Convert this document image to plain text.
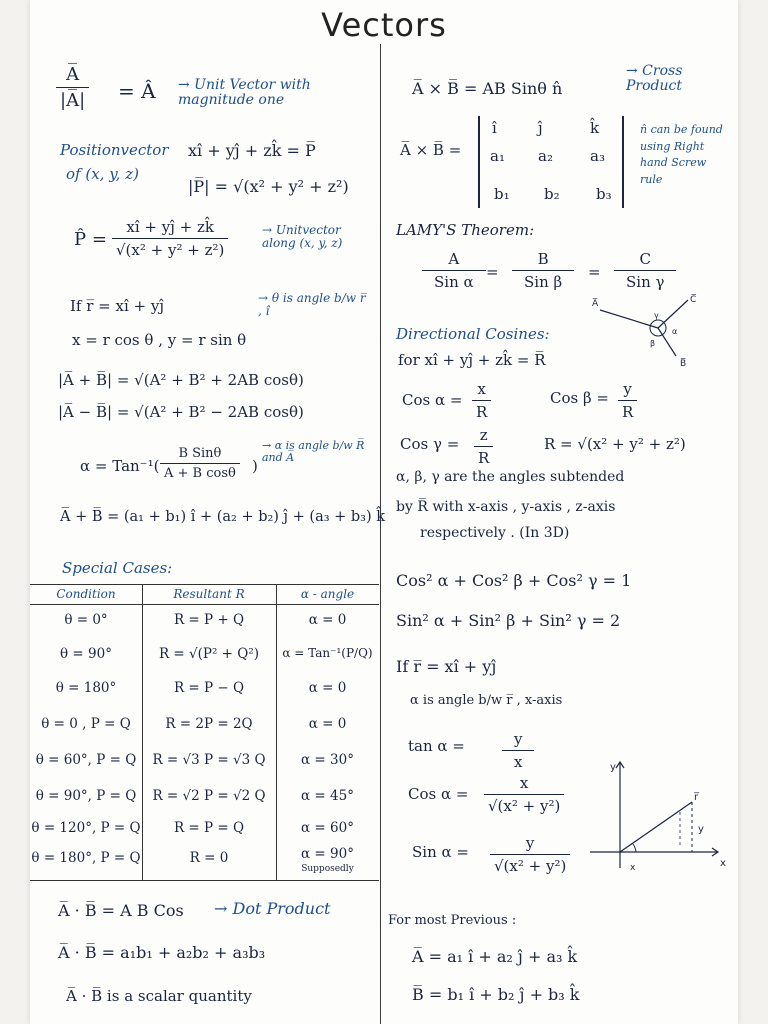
Vectors
$\frac{A̅}{|A̅|}$ = Â → Unit Vector with magnitude one
Positionvector xî + yĵ + zk̂ = P̅
of (x, y, z)
|P̅| = √(x² + y² + z²)
P̂ = $\frac{xî + yĵ + zk̂}{\text{√(x² + y² + z²)}}$	→ Unitvector along (x, y, z)
If r̅ = xî + yĵ	→ θ is angle b/w r̅ , î
x = r cos θ , y = r sin θ
|A̅ + B̅| = √(A² + B² + 2AB cosθ)
|A̅ − B̅| = √(A² + B² − 2AB cosθ)
α = Tan⁻¹(
B Sinθ
A + B cosθ )
→ α is angle b/w R̅ and A̅
A̅ + B̅ = (a₁ + b₁) î + (a₂ + b₂) ĵ + (a₃ + b₃) k̂
Special Cases:
Condition	Resultant R	α - angle
θ = 0°	R = P + Q	α = 0
θ = 90°	R = √(P² + Q²)	α = Tan⁻¹(P/Q)
θ = 180°	R = P − Q	α = 0
θ = 0 , P = Q	R = 2P = 2Q	α = 0
θ = 60°, P = Q	R = √3 P = √3 Q	α = 30°
θ = 90°, P = Q	R = √2 P = √2 Q	α = 45°
θ = 120°, P = Q	R = P = Q	α = 60°
θ = 180°, P = Q	R = 0	α = 90°
Supposedly
A̅ · B̅ = A B Cos → Dot Product
A̅ · B̅ = a₁b₁ + a₂b₂ + a₃b₃
A̅ · B̅ is a scalar quantity
A̅ × B̅ = AB Sinθ n̂
→ Cross Product
A̅ × B̅ =
î	ĵ	k̂
a₁ a₂ a₃
b₁ b₂ b₃
n̂ can be found using Right hand Screw rule
LAMY'S Theorem:
A
Sin α
=
B
Sin β
=
C
Sin γ
A̅	C̅
B̅
α
β
γ
Directional Cosines:
for xî + yĵ + zk̂ = R̅
Cos $\alpha = \frac{x}{R}$	Cos $\beta = \frac{y}{R}$
Cos $\gamma = \frac{z}{R}$	R = √(x² + y² + z²)
α, β, γ are the angles subtended
by R̅ with x-axis , y-axis , z-axis
respectively . (In 3D)
Cos² α + Cos² β + Cos² γ = 1
Sin² α + Sin² β + Sin² γ = 2
If r̅ = xî + yĵ
α is angle b/w r̅ , x-axis
$\tan \alpha = \frac{y}{x}$
Cos $\alpha = \frac{x}{\text{√(x² + y²)}}$
Sin $\alpha = \frac{y}{\text{√(x² + y²)}}$
y
x
r̅
y
x
For most Previous :
A̅ = a₁ î + a₂ ĵ + a₃ k̂
B̅ = b₁ î + b₂ ĵ + b₃ k̂
